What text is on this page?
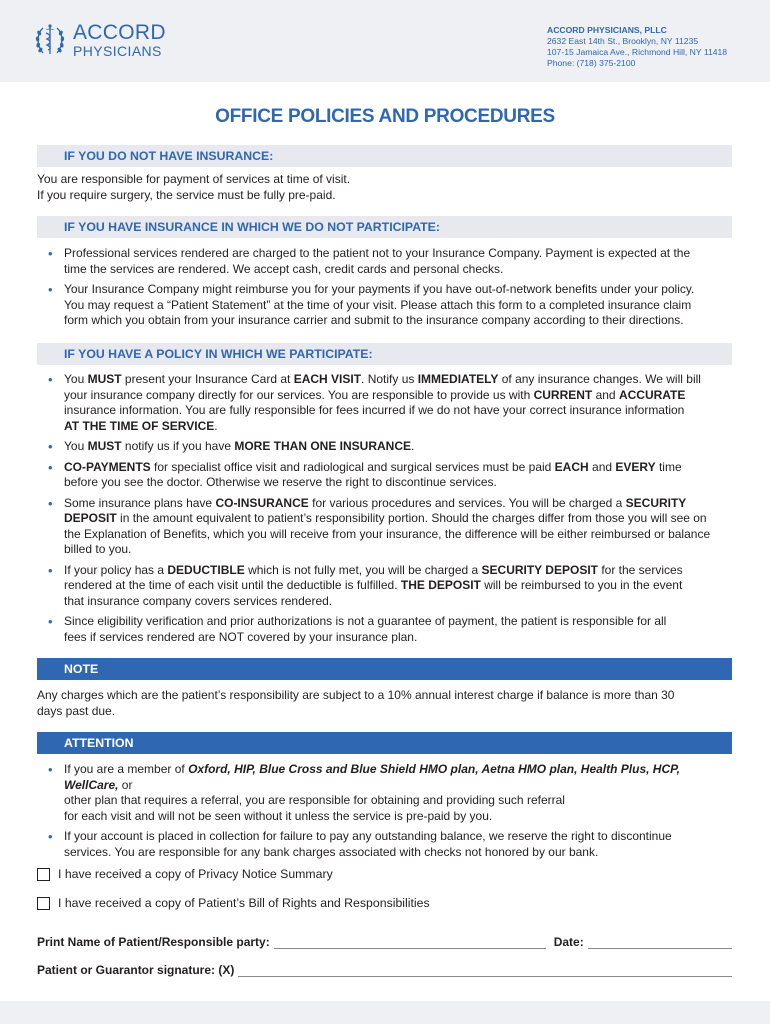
ACCORD
PHYSICIANS
ACCORD PHYSICIANS, PLLC
2632 East 14th St., Brooklyn, NY 11235
107-15 Jamaica Ave., Richmond Hill, NY 11418
Phone: (718) 375-2100
OFFICE POLICIES AND PROCEDURES
IF YOU DO NOT HAVE INSURANCE:
You are responsible for payment of services at time of visit.
If you require surgery, the service must be fully pre-paid.
IF YOU HAVE INSURANCE IN WHICH WE DO NOT PARTICIPATE:
• Professional services rendered are charged to the patient not to your Insurance Company. Payment is expected at the
time the services are rendered. We accept cash, credit cards and personal checks.
• Your Insurance Company might reimburse you for your payments if you have out-of-network benefits under your policy.
You may request a “Patient Statement” at the time of your visit. Please attach this form to a completed insurance claim
form which you obtain from your insurance carrier and submit to the insurance company according to their directions.
IF YOU HAVE A POLICY IN WHICH WE PARTICIPATE:
• You MUST present your Insurance Card at EACH VISIT. Notify us IMMEDIATELY of any insurance changes. We will bill
your insurance company directly for our services. You are responsible to provide us with CURRENT and ACCURATE
insurance information. You are fully responsible for fees incurred if we do not have your correct insurance information
AT THE TIME OF SERVICE.
• You MUST notify us if you have MORE THAN ONE INSURANCE.
• CO-PAYMENTS for specialist office visit and radiological and surgical services must be paid EACH and EVERY time
before you see the doctor. Otherwise we reserve the right to discontinue services.
• Some insurance plans have CO-INSURANCE for various procedures and services. You will be charged a SECURITY
DEPOSIT in the amount equivalent to patient’s responsibility portion. Should the charges differ from those you will see on
the Explanation of Benefits, which you will receive from your insurance, the difference will be either reimbursed or balance
billed to you.
• If your policy has a DEDUCTIBLE which is not fully met, you will be charged a SECURITY DEPOSIT for the services
rendered at the time of each visit until the deductible is fulfilled. THE DEPOSIT will be reimbursed to you in the event
that insurance company covers services rendered.
• Since eligibility verification and prior authorizations is not a guarantee of payment, the patient is responsible for all
fees if services rendered are NOT covered by your insurance plan.
NOTE
Any charges which are the patient’s responsibility are subject to a 10% annual interest charge if balance is more than 30
days past due.
ATTENTION
• If you are a member of Oxford, HIP, Blue Cross and Blue Shield HMO plan, Aetna HMO plan, Health Plus, HCP, WellCare, or
other plan that requires a referral, you are responsible for obtaining and providing such referral
for each visit and will not be seen without it unless the service is pre-paid by you.
• If your account is placed in collection for failure to pay any outstanding balance, we reserve the right to discontinue
services. You are responsible for any bank charges associated with checks not honored by our bank.
I have received a copy of Privacy Notice Summary
I have received a copy of Patient’s Bill of Rights and Responsibilities
Print Name of Patient/Responsible party:	Date:
Patient or Guarantor signature: (X)
